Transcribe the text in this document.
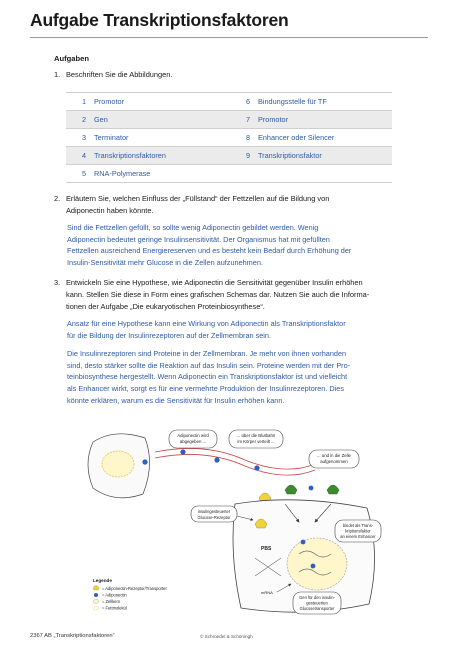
Aufgabe Transkriptionsfaktoren
Aufgaben
1. Beschriften Sie die Abbildungen.
1	Promotor	6	Bindungsstelle für TF
2	Gen	7	Promotor
3	Terminator	8	Enhancer oder Silencer
4	Transkriptionsfaktoren	9	Transkriptionsfaktor
5	RNA-Polymerase		
2. Erläutern Sie, welchen Einfluss der „Füllstand“ der Fettzellen auf die Bildung von
Adiponectin haben könnte.
Sind die Fettzellen gefüllt, so sollte wenig Adiponectin gebildet werden. Wenig
Adiponectin bedeutet geringe Insulinsensitivität. Der Organismus hat mit gefüllten
Fettzellen ausreichend Energiereserven und es besteht kein Bedarf durch Erhöhung der
Insulin-Sensitivität mehr Glucose in die Zellen aufzunehmen.
3. Entwickeln Sie eine Hypothese, wie Adiponectin die Sensitivität gegenüber Insulin erhöhen
kann. Stellen Sie diese in Form eines grafischen Schemas dar. Nutzen Sie auch die Informa-
tionen der Aufgabe „Die eukaryotischen Proteinbiosynthese“.
Ansatz für eine Hypothese kann eine Wirkung von Adiponectin als Transkriptionsfaktor
für die Bildung der Insulinrezeptoren auf der Zellmembran sein.
Die Insulinrezeptoren sind Proteine in der Zellmembran. Je mehr von ihnen vorhanden
sind, desto stärker sollte die Reaktion auf das Insulin sein. Proteine werden mit der Pro-
teinbiosynthese hergestellt. Wenn Adiponectin ein Transkriptionsfaktor ist und vielleicht
als Enhancer wirkt, sorgt es für eine vermehrte Produktion der Insulinrezeptoren. Dies
könnte erklären, warum es die Sensitivität für Insulin erhöhen kann.
Adiponectin wird
abgegeben ...
... über die Blutbahn
im Körper verteilt ...
... und in die Zelle
aufgenommen
insulingesteuerter
Glucose-Rezeptor
PBS
mRNA
bindet als Trans-
kriptionsfaktor
an einem Enhancer
Gen für den insulin-
gesteuerten
Glucosetransporter
Legende
= Adiponectin-Rezeptor/Transporter
= Adiponectin
= Zellkern
= Fettmolekül
2367 AB „Transkriptionsfaktoren“	© Schroedel & Schöningh
